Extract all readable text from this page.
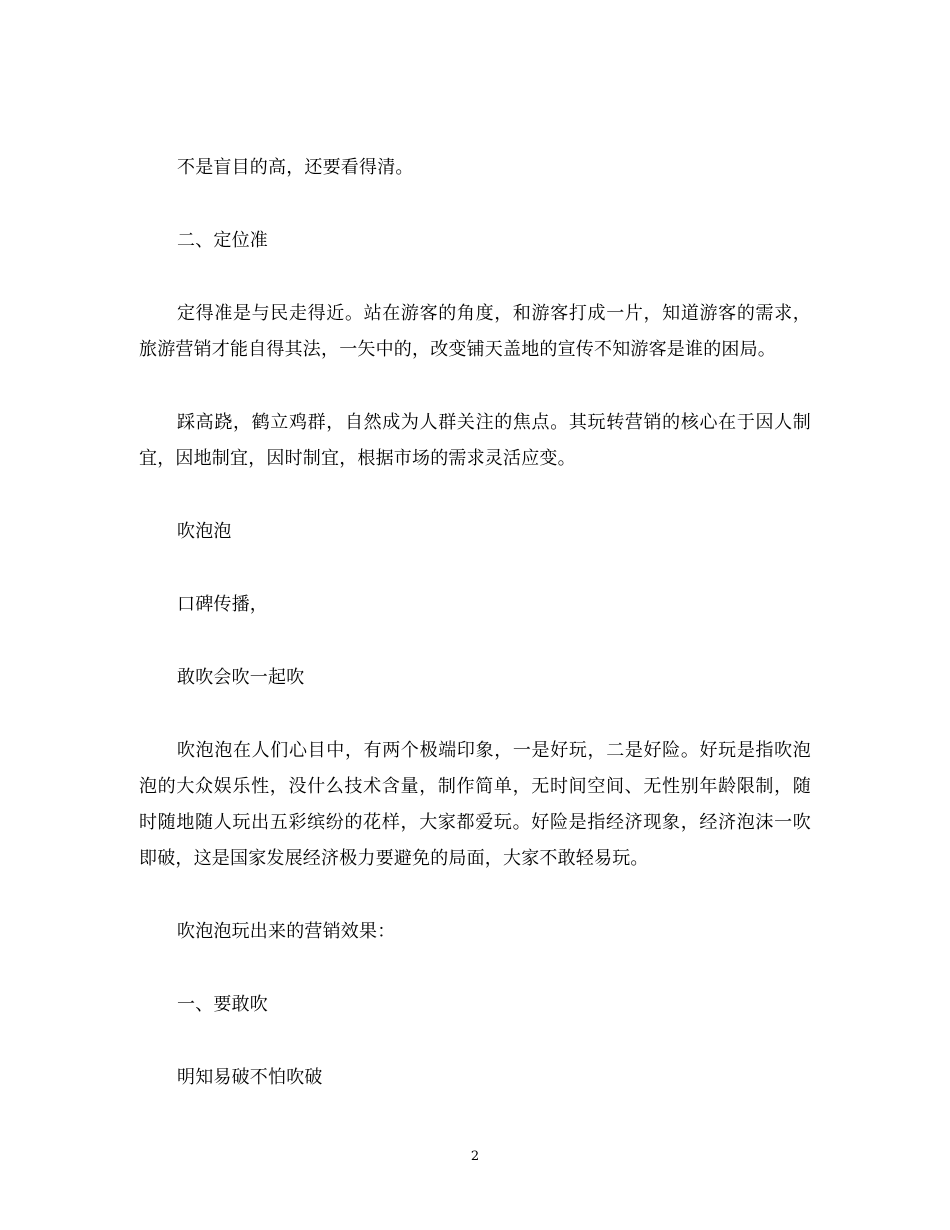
不是盲目的高，还要看得清。

二、定位准

定得准是与民走得近。站在游客的角度，和游客打成一片，知道游客的需求，旅游营销才能自得其法，一矢中的，改变铺天盖地的宣传不知游客是谁的困局。

踩高跷，鹤立鸡群，自然成为人群关注的焦点。其玩转营销的核心在于因人制宜，因地制宜，因时制宜，根据市场的需求灵活应变。

吹泡泡

口碑传播，

敢吹会吹一起吹

吹泡泡在人们心目中，有两个极端印象，一是好玩，二是好险。好玩是指吹泡泡的大众娱乐性，没什么技术含量，制作简单，无时间空间、无性别年龄限制，随时随地随人玩出五彩缤纷的花样，大家都爱玩。好险是指经济现象，经济泡沫一吹即破，这是国家发展经济极力要避免的局面，大家不敢轻易玩。

吹泡泡玩出来的营销效果：

一、要敢吹

明知易破不怕吹破

2
